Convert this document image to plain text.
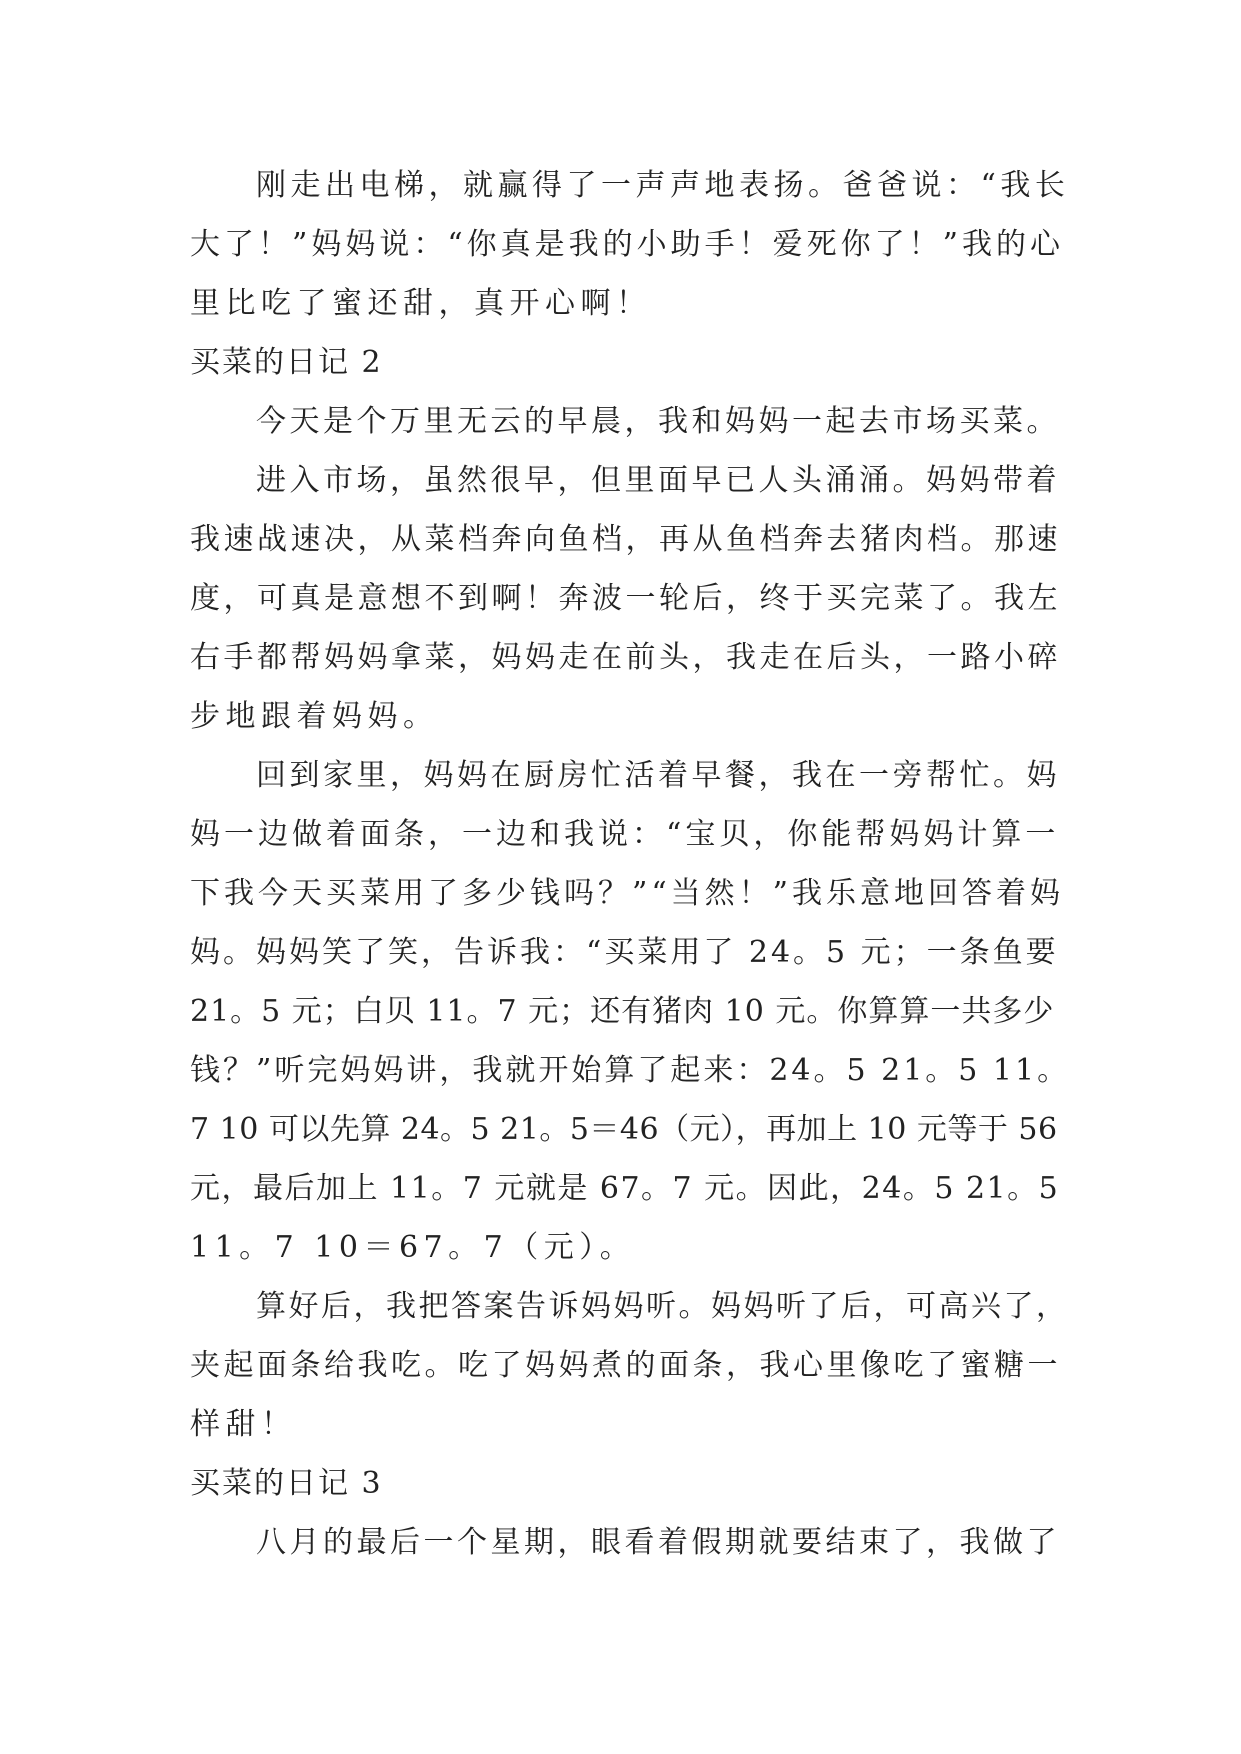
刚走出电梯，就赢得了一声声地表扬。爸爸说：“我长
大了！”妈妈说：“你真是我的小助手！爱死你了！”我的心
里比吃了蜜还甜，真开心啊！
买菜的日记 2
今天是个万里无云的早晨，我和妈妈一起去市场买菜。
进入市场，虽然很早，但里面早已人头涌涌。妈妈带着
我速战速决，从菜档奔向鱼档，再从鱼档奔去猪肉档。那速
度，可真是意想不到啊！奔波一轮后，终于买完菜了。我左
右手都帮妈妈拿菜，妈妈走在前头，我走在后头，一路小碎
步地跟着妈妈。
回到家里，妈妈在厨房忙活着早餐，我在一旁帮忙。妈
妈一边做着面条，一边和我说：“宝贝，你能帮妈妈计算一
下我今天买菜用了多少钱吗？”“当然！”我乐意地回答着妈
妈。妈妈笑了笑，告诉我：“买菜用了 24。5 元；一条鱼要
21。5 元；白贝 11。7 元；还有猪肉 10 元。你算算一共多少
钱？”听完妈妈讲，我就开始算了起来：24。5 21。5 11。
7 10 可以先算 24。5 21。5＝46（元），再加上 10 元等于 56
元，最后加上 11。7 元就是 67。7 元。因此，24。5 21。5
11。7 10＝67。7（元）。
算好后，我把答案告诉妈妈听。妈妈听了后，可高兴了，
夹起面条给我吃。吃了妈妈煮的面条，我心里像吃了蜜糖一
样甜！
买菜的日记 3
八月的最后一个星期，眼看着假期就要结束了，我做了
